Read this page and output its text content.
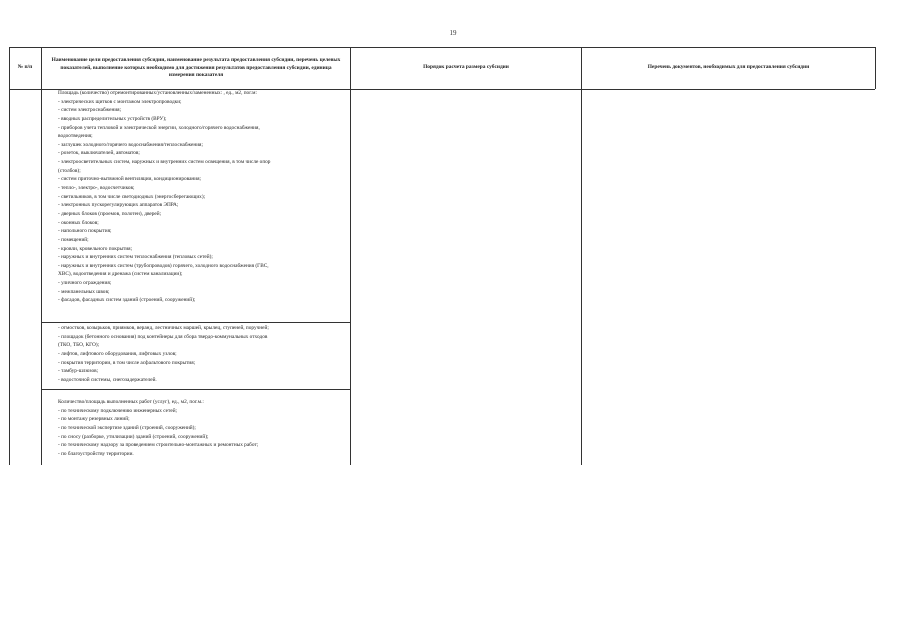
19
№ п/п
Наименование цели предоставления субсидии, наименование результата предоставления субсидии, перечень целевых показателей, выполнение которых необходимо для достижения результатов предоставления субсидии, единица измерения показателя
Порядок расчета размера субсидии	Перечень документов, необходимых для предоставления субсидии
Площадь (количество) отремонтированных/установленных/замененных: , ед., м2, пог.м:
- электрических щитков с монтажом электропроводки;
- систем электроснабжения;
- вводных распределительных устройств (ВРУ);
- приборов учета тепловой и электрической энергии, холодного/горячего водоснабжения,
водоотведения;
- заглушек холодного/горячего водоснабжения/теплоснабжения;
- розеток, выключателей, автоматов;
- электроосветительных систем, наружных и внутренних систем освещения, в том числе опор
(столбов);
- систем приточно-вытяжной вентиляции, кондиционирования;
- тепло-, электро-, водосчетчиков;
- светильников, в том числе светодиодных (энергосберегающих);
- электронных пускорегулирующих аппаратов ЭПРА;
- дверных блоков (проемов, полотен), дверей;
- оконных блоков;
- напольного покрытия;
- помещений;
- кровли, кровельного покрытия;
- наружных и внутренних систем теплоснабжения (тепловых сетей);
- наружных и внутренних систем (трубопроводов) горячего, холодного водоснабжения (ГВС,
ХВС), водоотведения и дренажа (систем канализации);
- уличного ограждения;
- межпанельных швов;
- фасадов, фасадных систем зданий (строений, сооружений);
- отмостков, козырьков, приямков, веранд, лестничных маршей, крылец, ступеней, поручней;
- площадок (бетонного основания) под контейнеры для сбора твердо-коммунальных отходов
(ТКО, ТБО, КГО);
- лифтов, лифтового оборудования, лифтовых узлов;
- покрытия территории, в том числе асфальтового покрытия;
- тамбур-шлюзов;
- водосточной системы, снегозадержателей.
Количество/площадь выполненных работ (услуг), ед., м2, пог.м.:
- по техническому подключению инженерных сетей;
- по монтажу резервных линий;
- по технической экспертизе зданий (строений, сооружений);
- по сносу (разборке, утилизации) зданий (строений, сооружений);
- по техническому надзору за проведением строительно-монтажных и ремонтных работ;
- по благоустройству территории.
